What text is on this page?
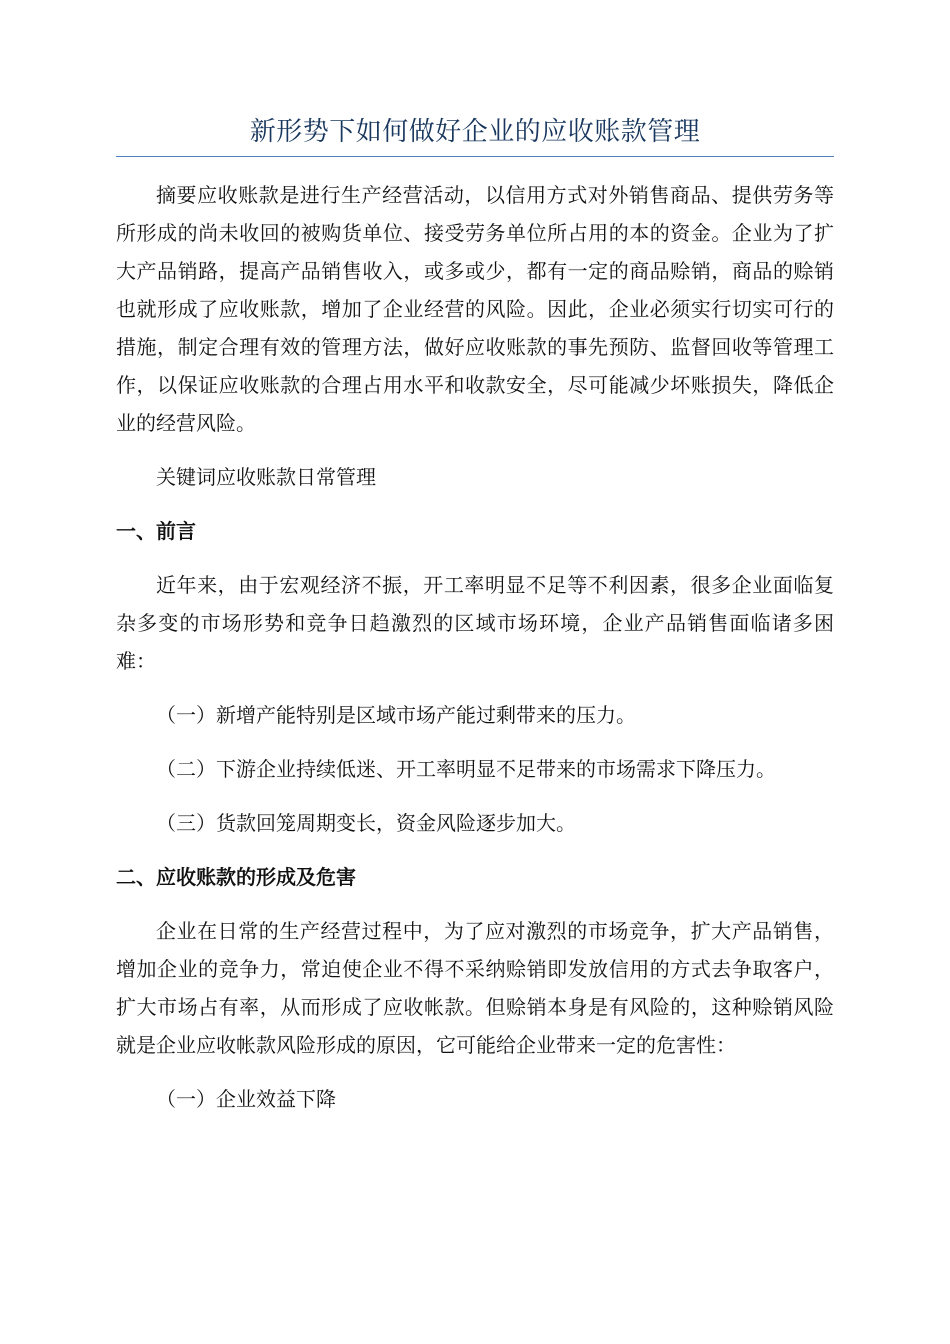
新形势下如何做好企业的应收账款管理

摘要应收账款是进行生产经营活动，以信用方式对外销售商品、提供劳务等所形成的尚未收回的被购货单位、接受劳务单位所占用的本的资金。企业为了扩大产品销路，提高产品销售收入，或多或少，都有一定的商品赊销，商品的赊销也就形成了应收账款，增加了企业经营的风险。因此，企业必须实行切实可行的措施，制定合理有效的管理方法，做好应收账款的事先预防、监督回收等管理工作，以保证应收账款的合理占用水平和收款安全，尽可能减少坏账损失，降低企业的经营风险。

关键词应收账款日常管理

一、前言

近年来，由于宏观经济不振，开工率明显不足等不利因素，很多企业面临复杂多变的市场形势和竞争日趋激烈的区域市场环境，企业产品销售面临诸多困难：

（一）新增产能特别是区域市场产能过剩带来的压力。

（二）下游企业持续低迷、开工率明显不足带来的市场需求下降压力。

（三）货款回笼周期变长，资金风险逐步加大。

二、应收账款的形成及危害

企业在日常的生产经营过程中，为了应对激烈的市场竞争，扩大产品销售，增加企业的竞争力，常迫使企业不得不采纳赊销即发放信用的方式去争取客户，扩大市场占有率，从而形成了应收帐款。但赊销本身是有风险的，这种赊销风险就是企业应收帐款风险形成的原因，它可能给企业带来一定的危害性：

（一）企业效益下降
